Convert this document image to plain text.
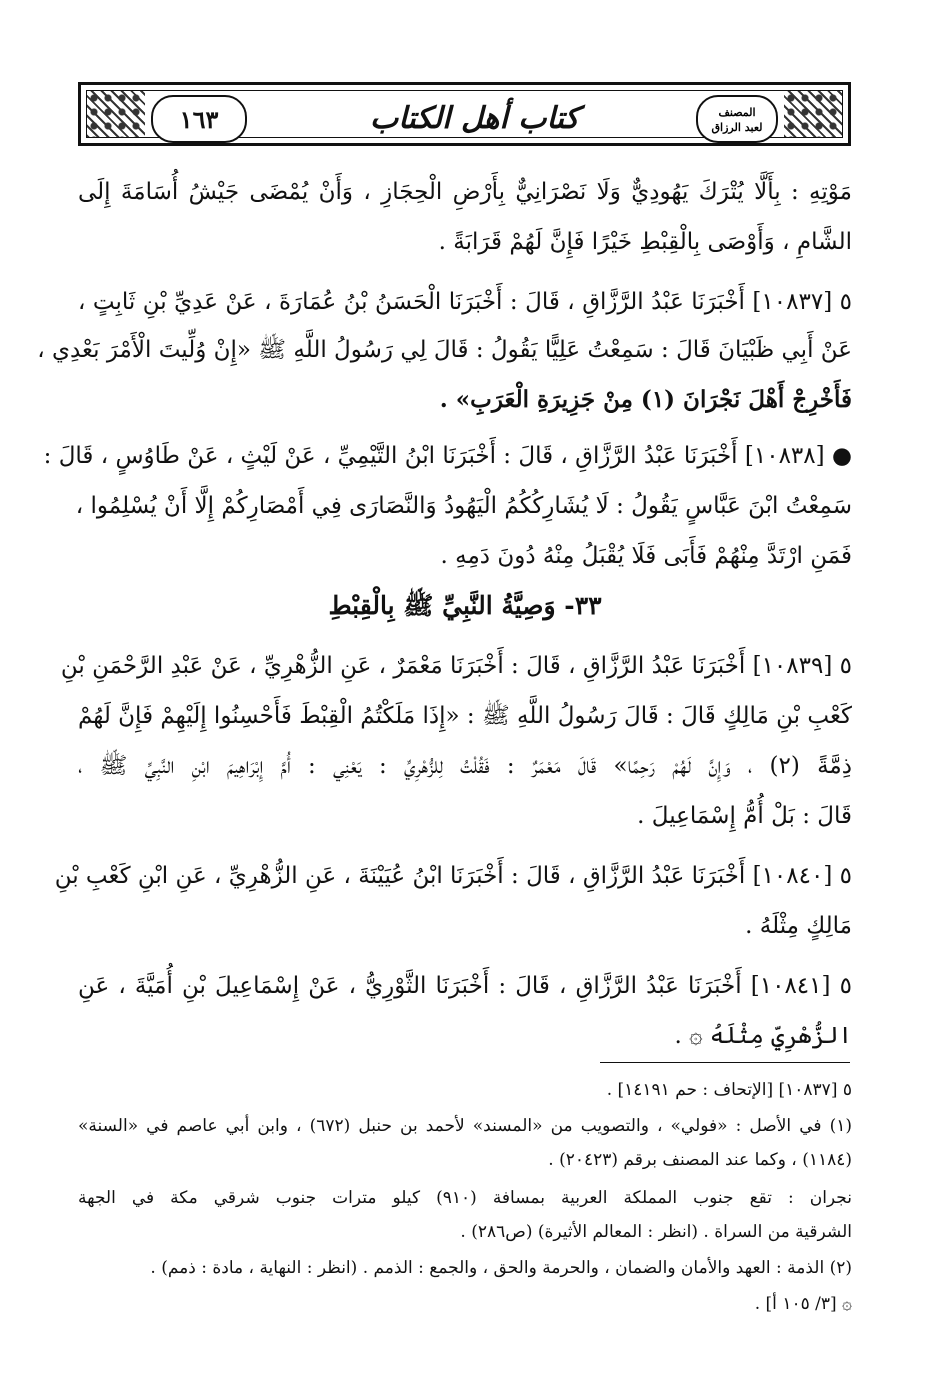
المصنف
لعبد الرزاق
كتاب أهل الكتاب
١٦٣
مَوْتِهِ : بِأَلَّا يُتْرَكَ يَهُودِيٌّ وَلَا نَصْرَانِيٌّ بِأَرْضِ الْحِجَازِ ، وَأَنْ يُمْضَى جَيْشُ أُسَامَةَ إِلَى
الشَّامِ ، وَأَوْصَى بِالْقِبْطِ خَيْرًا فَإِنَّ لَهُمْ قَرَابَةً .
٥ [١٠٨٣٧] أَخْبَرَنَا عَبْدُ الرَّزَّاقِ ، قَالَ : أَخْبَرَنَا الْحَسَنُ بْنُ عُمَارَةَ ، عَنْ عَدِيِّ بْنِ ثَابِتٍ ،
عَنْ أَبِي ظَبْيَانَ قَالَ : سَمِعْتُ عَلِيًّا يَقُولُ : قَالَ لِي رَسُولُ اللَّهِ ﷺ «إِنْ وُلِّيتَ الْأَمْرَ بَعْدِي ،
فَأَخْرِجْ أَهْلَ نَجْرَانَ (١) مِنْ جَزِيرَةِ الْعَرَبِ» .
● [١٠٨٣٨] أَخْبَرَنَا عَبْدُ الرَّزَّاقِ ، قَالَ : أَخْبَرَنَا ابْنُ التَّيْمِيِّ ، عَنْ لَيْثٍ ، عَنْ طَاوُسٍ ، قَالَ :
سَمِعْتُ ابْنَ عَبَّاسٍ يَقُولُ : لَا يُشَارِكُكُمُ الْيَهُودُ وَالنَّصَارَى فِي أَمْصَارِكُمْ إِلَّا أَنْ يُسْلِمُوا ،
فَمَنِ ارْتَدَّ مِنْهُمْ فَأَبَى فَلَا يُقْبَلُ مِنْهُ دُونَ دَمِهِ .
٣٣- وَصِيَّةُ النَّبِيِّ ﷺ بِالْقِبْطِ
٥ [١٠٨٣٩] أَخْبَرَنَا عَبْدُ الرَّزَّاقِ ، قَالَ : أَخْبَرَنَا مَعْمَرٌ ، عَنِ الزُّهْرِيِّ ، عَنْ عَبْدِ الرَّحْمَنِ بْنِ
كَعْبِ بْنِ مَالِكٍ قَالَ : قَالَ رَسُولُ اللَّهِ ﷺ : «إِذَا مَلَكْتُمُ الْقِبْطَ فَأَحْسِنُوا إِلَيْهِمْ فَإِنَّ لَهُمْ
ذِمَّةً (٢) ، وَإِنَّ لَهُمْ رَحِمًا» قَالَ مَعْمَرٌ : فَقُلْتُ لِلزُّهْرِيِّ : يَعْنِي : أُمَّ إِبْرَاهِيمَ ابْنِ النَّبِيِّ ﷺ ،
قَالَ : بَلْ أُمُّ إِسْمَاعِيلَ .
٥ [١٠٨٤٠] أَخْبَرَنَا عَبْدُ الرَّزَّاقِ ، قَالَ : أَخْبَرَنَا ابْنُ عُيَيْنَةَ ، عَنِ الزُّهْرِيِّ ، عَنِ ابْنِ كَعْبِ بْنِ
مَالِكٍ مِثْلَهُ .
٥ [١٠٨٤١] أَخْبَرَنَا عَبْدُ الرَّزَّاقِ ، قَالَ : أَخْبَرَنَا الثَّوْرِيُّ ، عَنْ إِسْمَاعِيلَ بْنِ أُمَيَّةَ ، عَنِ
الزُّهْرِيِّ مِثْلَهُ ۞ .
٥ [١٠٨٣٧] [الإتحاف : حم ١٤١٩١] .
(١) في الأصل : «فولي» ، والتصويب من «المسند» لأحمد بن حنبل (٦٧٢) ، وابن أبي عاصم في «السنة»
(١١٨٤) ، وكما عند المصنف برقم (٢٠٤٢٣) .
نجران : تقع جنوب المملكة العربية بمسافة (٩١٠) كيلو مترات جنوب شرقي مكة في الجهة
الشرقية من السراة . (انظر : المعالم الأثيرة) (ص٢٨٦) .
(٢) الذمة : العهد والأمان والضمان ، والحرمة والحق ، والجمع : الذمم . (انظر : النهاية ، مادة : ذمم) .
۞ [٣/ ١٠٥ أ] .
